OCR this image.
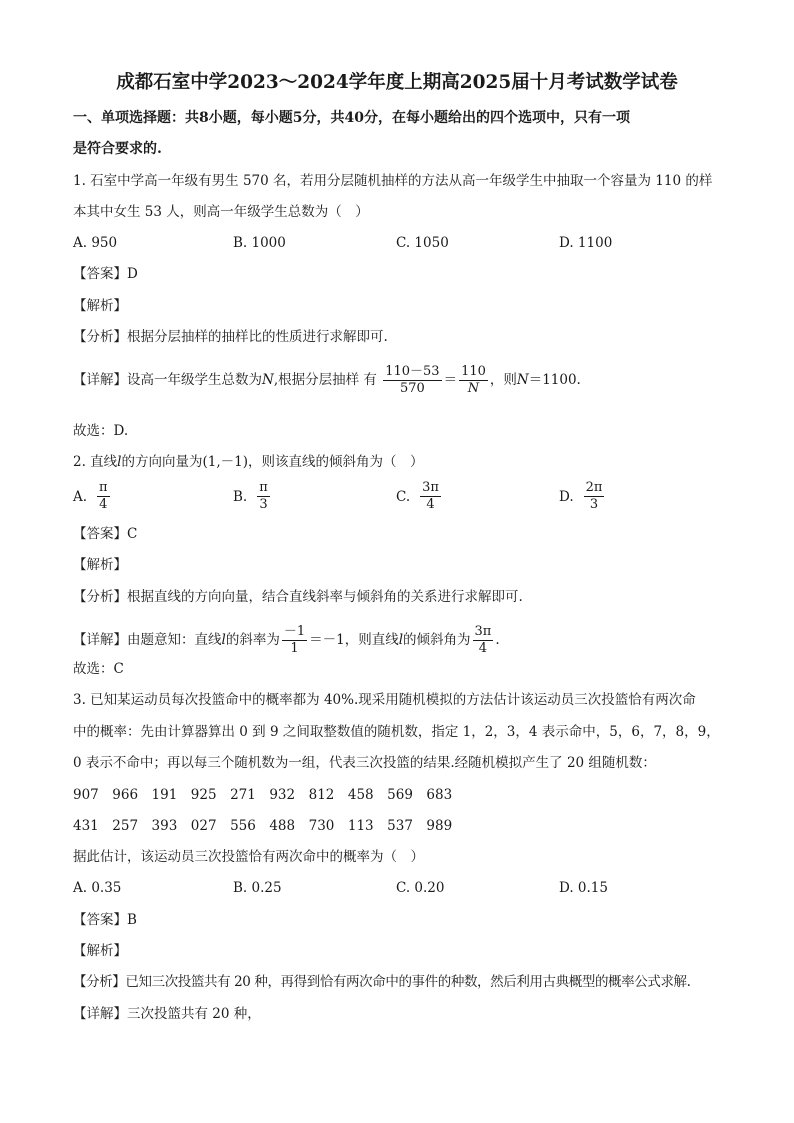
成都石室中学2023～2024学年度上期高2025届十月考试数学试卷
一、单项选择题：共8小题，每小题5分，共40分，在每小题给出的四个选项中，只有一项
是符合要求的.
1. 石室中学高一年级有男生 570 名，若用分层随机抽样的方法从高一年级学生中抽取一个容量为 110 的样
本其中女生 53 人，则高一年级学生总数为（　）
A. 950	B. 1000	C. 1050	D. 1100
【答案】D
【解析】
【分析】根据分层抽样的抽样比的性质进行求解即可.
【详解】设高一年级学生总数为N,根据分层抽样 有 $\frac{110-53}{570} = \frac{110}{N}$ ，则N＝1100.
故选：D.
2. 直线l的方向向量为(1,－1)，则该直线的倾斜角为（　）
A. $\frac{\pi}{4}$	B. $\frac{\pi}{3}$	C. $\frac{3\pi}{4}$	D. $\frac{2\pi}{3}$
【答案】C
【解析】
【分析】根据直线的方向向量，结合直线斜率与倾斜角的关系进行求解即可.
【详解】由题意知：直线l的斜率为 $\frac{-1}{1} =-1$，则直线l的倾斜角为 $\frac{3\pi}{4}$ .
故选：C
3. 已知某运动员每次投篮命中的概率都为 40%.现采用随机模拟的方法估计该运动员三次投篮恰有两次命
中的概率：先由计算器算出 0 到 9 之间取整数值的随机数，指定 1，2，3，4 表示命中，5，6，7，8，9，
0 表示不命中；再以每三个随机数为一组，代表三次投篮的结果.经随机模拟产生了 20 组随机数：
907　966　191　925　271　932　812　458　569　683
431　257　393　027　556　488　730　113　537　989
据此估计，该运动员三次投篮恰有两次命中的概率为（　）
A. 0.35	B. 0.25	C. 0.20	D. 0.15
【答案】B
【解析】
【分析】已知三次投篮共有 20 种，再得到恰有两次命中的事件的种数，然后利用古典概型的概率公式求解.
【详解】三次投篮共有 20 种，
